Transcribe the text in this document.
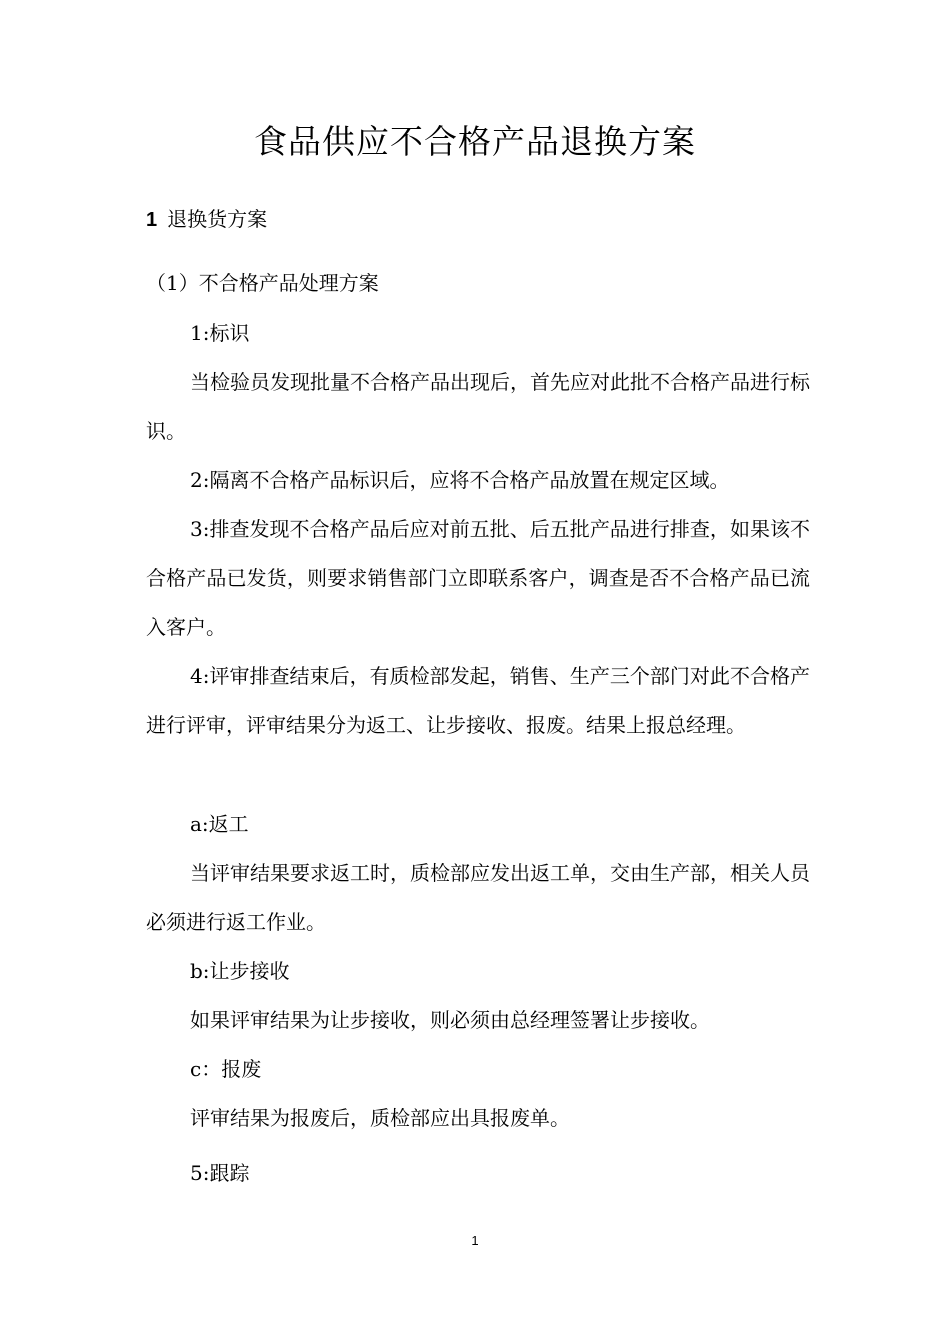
食品供应不合格产品退换方案
1 退换货方案
（1）不合格产品处理方案

1:标识

当检验员发现批量不合格产品出现后，首先应对此批不合格产品进行标识。

2:隔离不合格产品标识后，应将不合格产品放置在规定区域。

3:排查发现不合格产品后应对前五批、后五批产品进行排查，如果该不合格产品已发货，则要求销售部门立即联系客户，调查是否不合格产品已流入客户。

4:评审排查结束后，有质检部发起，销售、生产三个部门对此不合格产进行评审，评审结果分为返工、让步接收、报废。结果上报总经理。

a:返工

当评审结果要求返工时，质检部应发出返工单，交由生产部，相关人员必须进行返工作业。

b:让步接收

如果评审结果为让步接收，则必须由总经理签署让步接收。

c：报废

评审结果为报废后，质检部应出具报废单。

5:跟踪

1
